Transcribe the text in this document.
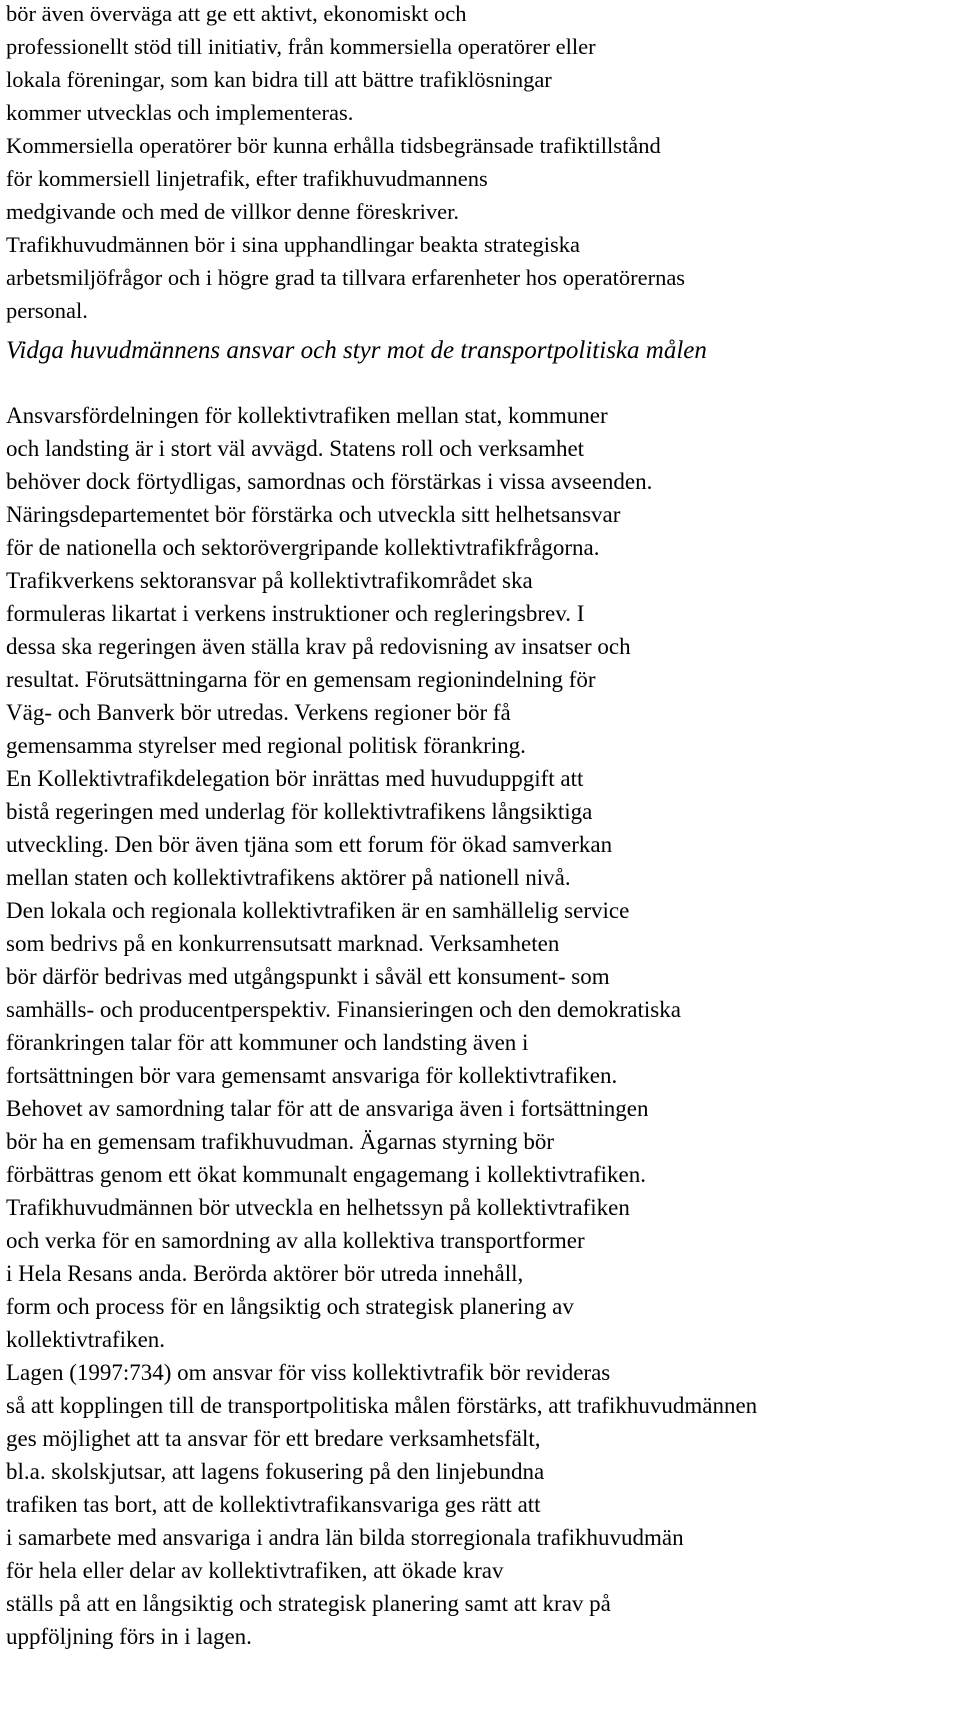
bör även överväga att ge ett aktivt, ekonomiskt och
professionellt stöd till initiativ, från kommersiella operatörer eller
lokala föreningar, som kan bidra till att bättre trafiklösningar
kommer utvecklas och implementeras.
Kommersiella operatörer bör kunna erhålla tidsbegränsade trafiktillstånd
för kommersiell linjetrafik, efter trafikhuvudmannens
medgivande och med de villkor denne föreskriver.
Trafikhuvudmännen bör i sina upphandlingar beakta strategiska
arbetsmiljöfrågor och i högre grad ta tillvara erfarenheter hos operatörernas
personal.
Vidga huvudmännens ansvar och styr mot de transportpolitiska målen
Ansvarsfördelningen för kollektivtrafiken mellan stat, kommuner
och landsting är i stort väl avvägd. Statens roll och verksamhet
behöver dock förtydligas, samordnas och förstärkas i vissa avseenden.
Näringsdepartementet bör förstärka och utveckla sitt helhetsansvar
för de nationella och sektorövergripande kollektivtrafikfrågorna.
Trafikverkens sektoransvar på kollektivtrafikområdet ska
formuleras likartat i verkens instruktioner och regleringsbrev. I
dessa ska regeringen även ställa krav på redovisning av insatser och
resultat. Förutsättningarna för en gemensam regionindelning för
Väg- och Banverk bör utredas. Verkens regioner bör få
gemensamma styrelser med regional politisk förankring.
En Kollektivtrafikdelegation bör inrättas med huvuduppgift att
bistå regeringen med underlag för kollektivtrafikens långsiktiga
utveckling. Den bör även tjäna som ett forum för ökad samverkan
mellan staten och kollektivtrafikens aktörer på nationell nivå.
Den lokala och regionala kollektivtrafiken är en samhällelig service
som bedrivs på en konkurrensutsatt marknad. Verksamheten
bör därför bedrivas med utgångspunkt i såväl ett konsument- som
samhälls- och producentperspektiv. Finansieringen och den demokratiska
förankringen talar för att kommuner och landsting även i
fortsättningen bör vara gemensamt ansvariga för kollektivtrafiken.
Behovet av samordning talar för att de ansvariga även i fortsättningen
bör ha en gemensam trafikhuvudman. Ägarnas styrning bör
förbättras genom ett ökat kommunalt engagemang i kollektivtrafiken.
Trafikhuvudmännen bör utveckla en helhetssyn på kollektivtrafiken
och verka för en samordning av alla kollektiva transportformer
i Hela Resans anda. Berörda aktörer bör utreda innehåll,
form och process för en långsiktig och strategisk planering av
kollektivtrafiken.
Lagen (1997:734) om ansvar för viss kollektivtrafik bör revideras
så att kopplingen till de transportpolitiska målen förstärks, att trafikhuvudmännen
ges möjlighet att ta ansvar för ett bredare verksamhetsfält,
bl.a. skolskjutsar, att lagens fokusering på den linjebundna
trafiken tas bort, att de kollektivtrafikansvariga ges rätt att
i samarbete med ansvariga i andra län bilda storregionala trafikhuvudmän
för hela eller delar av kollektivtrafiken, att ökade krav
ställs på att en långsiktig och strategisk planering samt att krav på
uppföljning förs in i lagen.
